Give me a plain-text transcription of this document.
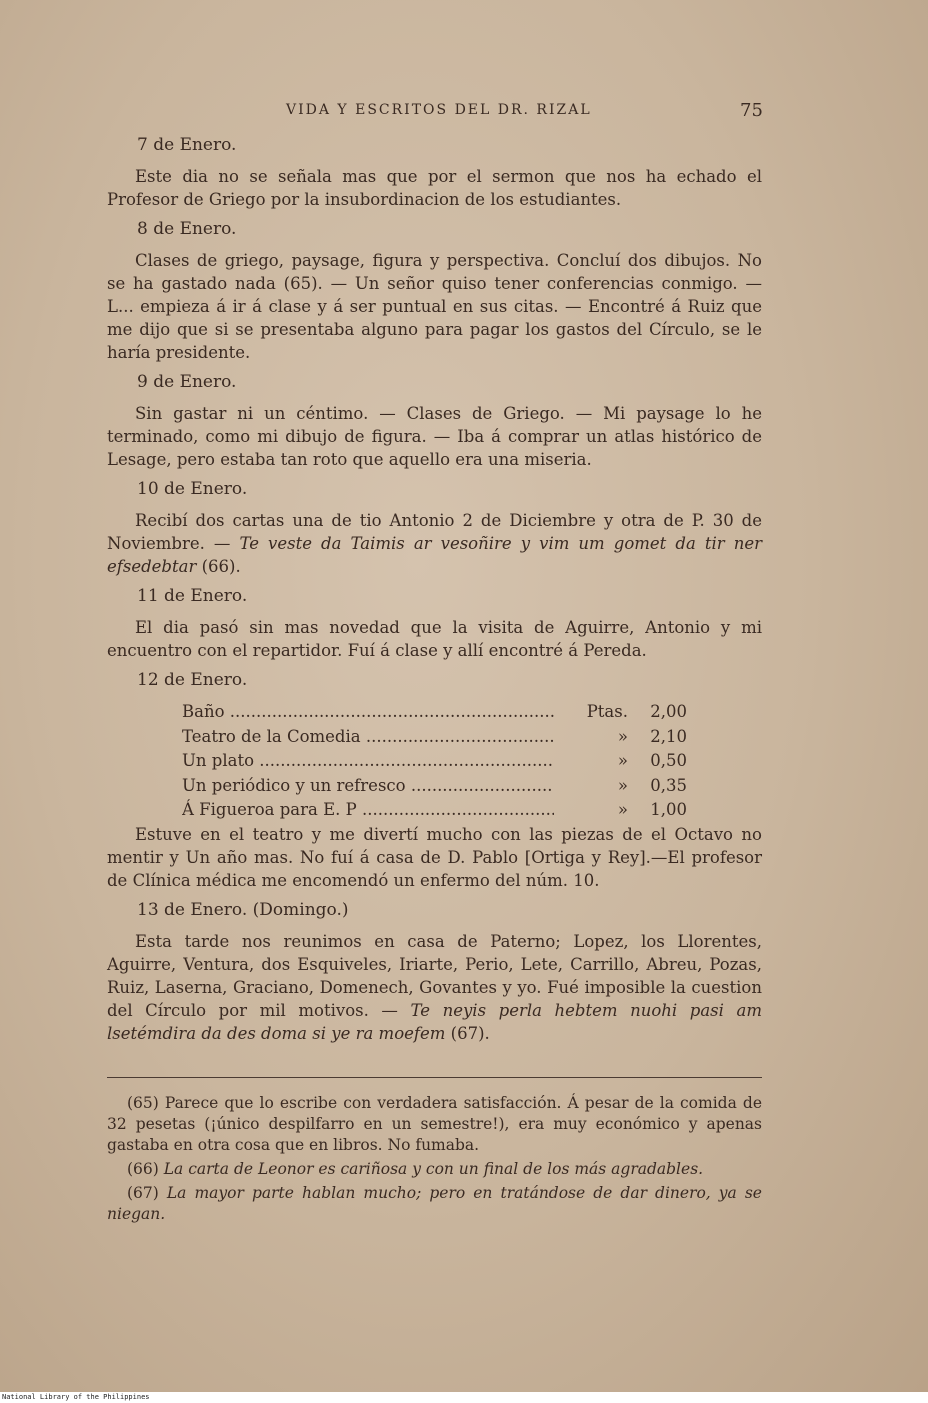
VIDA Y ESCRITOS DEL DR. RIZAL	75
7 de Enero.

Este dia no se señala mas que por el sermon que nos ha echado el Profesor de Griego por la insubordinacion de los estudiantes.

8 de Enero.

Clases de griego, paysage, figura y perspectiva. Concluí dos dibujos. No se ha gastado nada (65). — Un señor quiso tener conferencias conmigo. — L... empieza á ir á clase y á ser puntual en sus citas. — Encontré á Ruiz que me dijo que si se presentaba alguno para pagar los gastos del Círculo, se le haría presidente.

9 de Enero.

Sin gastar ni un céntimo. — Clases de Griego. — Mi paysage lo he terminado, como mi dibujo de figura. — Iba á comprar un atlas histórico de Lesage, pero estaba tan roto que aquello era una miseria.

10 de Enero.

Recibí dos cartas una de tio Antonio 2 de Diciembre y otra de P. 30 de Noviembre. — Te veste da Taimis ar vesoñire y vim um gomet da tir ner efsedebtar (66).

11 de Enero.

El dia pasó sin mas novedad que la visita de Aguirre, Antonio y mi encuentro con el repartidor. Fuí á clase y allí encontré á Pereda.

12 de Enero.
Baño .....	Ptas.	2,00
Teatro de la Comedia .....	»	2,10
Un plato .....	»	0,50
Un periódico y un refresco .....	»	0,35
Á Figueroa para E. P .....	»	1,00

Estuve en el teatro y me divertí mucho con las piezas de el Octavo no mentir y Un año mas. No fuí á casa de D. Pablo [Ortiga y Rey].—El profesor de Clínica médica me encomendó un enfermo del núm. 10.

13 de Enero. (Domingo.)

Esta tarde nos reunimos en casa de Paterno; Lopez, los Llorentes, Aguirre, Ventura, dos Esquiveles, Iriarte, Perio, Lete, Carrillo, Abreu, Pozas, Ruiz, Laserna, Graciano, Domenech, Govantes y yo. Fué imposible la cuestion del Círculo por mil motivos. — Te neyis perla hebtem nuohi pasi am lsetémdira da des doma si ye ra moefem (67).

(65) Parece que lo escribe con verdadera satisfacción. Á pesar de la comida de 32 pesetas (¡único despilfarro en un semestre!), era muy económico y apenas gastaba en otra cosa que en libros. No fumaba.

(66) La carta de Leonor es cariñosa y con un final de los más agradables.

(67) La mayor parte hablan mucho; pero en tratándose de dar dinero, ya se niegan.

National Library of the Philippines
